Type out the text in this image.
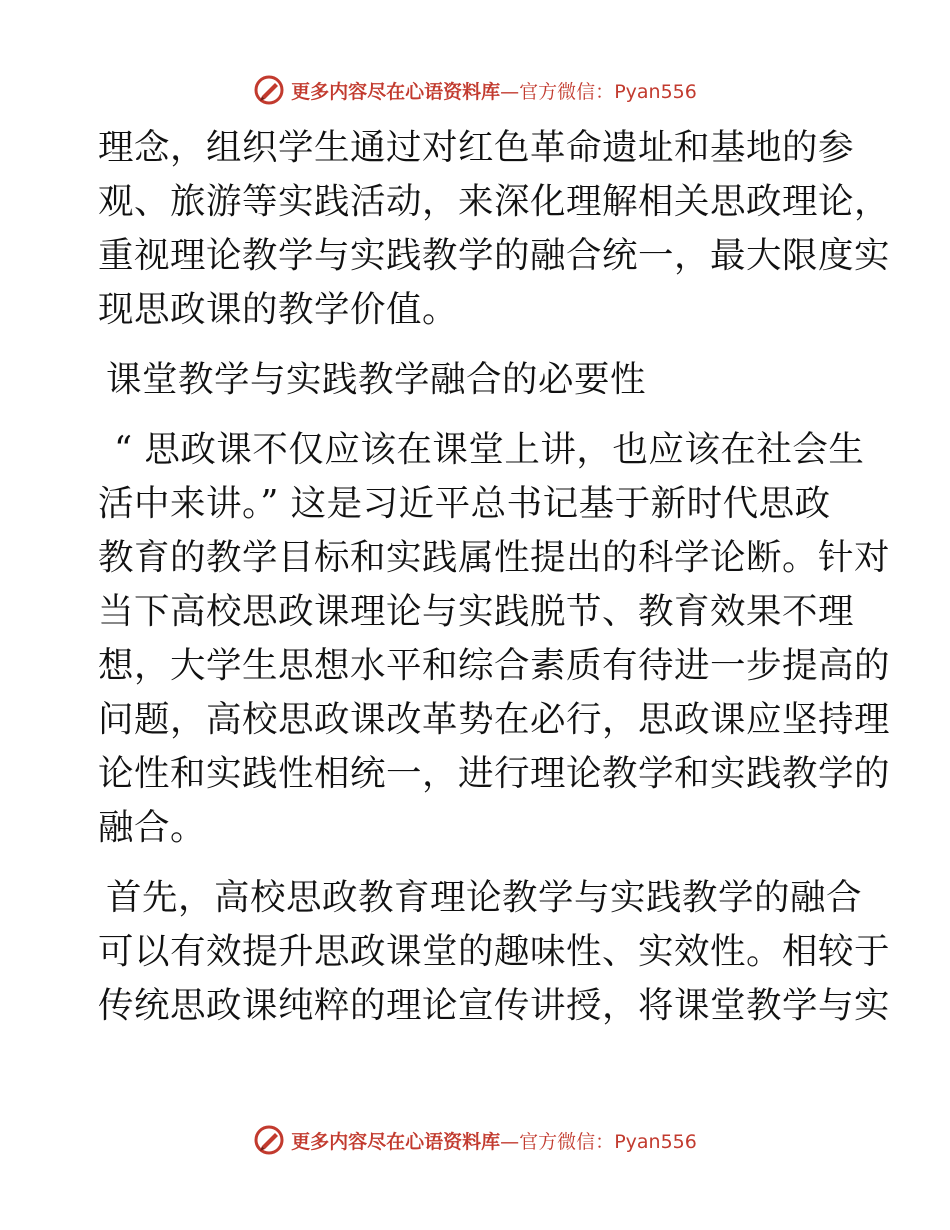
更多内容尽在心语资料库—官方微信：Pyan556
理念，组织学生通过对红色革命遗址和基地的参
观、旅游等实践活动，来深化理解相关思政理论，
重视理论教学与实践教学的融合统一，最大限度实
现思政课的教学价值。
课堂教学与实践教学融合的必要性
“ 思政课不仅应该在课堂上讲，也应该在社会生
活中来讲。” 这是习近平总书记基于新时代思政
教育的教学目标和实践属性提出的科学论断。针对
当下高校思政课理论与实践脱节、教育效果不理
想，大学生思想水平和综合素质有待进一步提高的
问题，高校思政课改革势在必行，思政课应坚持理
论性和实践性相统一，进行理论教学和实践教学的
融合。
首先，高校思政教育理论教学与实践教学的融合
可以有效提升思政课堂的趣味性、实效性。相较于
传统思政课纯粹的理论宣传讲授，将课堂教学与实
更多内容尽在心语资料库—官方微信：Pyan556
